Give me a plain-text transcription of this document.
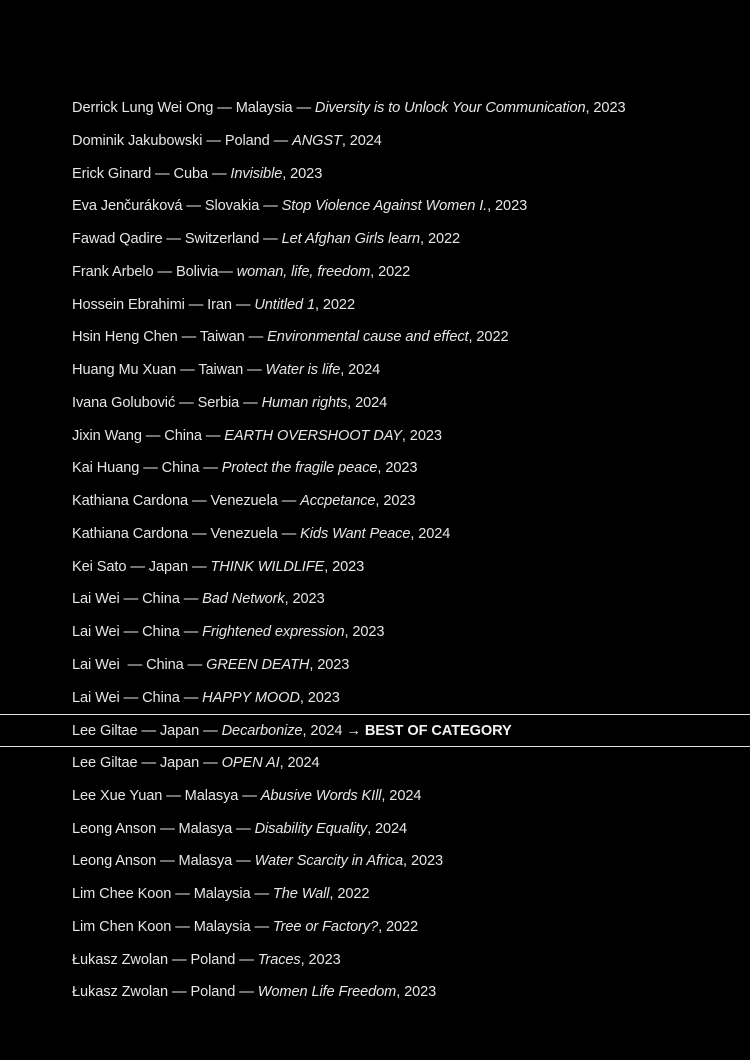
Derrick Lung Wei Ong — Malaysia — Diversity is to Unlock Your Communication, 2023
Dominik Jakubowski — Poland — ANGST, 2024
Erick Ginard — Cuba — Invisible, 2023
Eva Jenčuráková — Slovakia — Stop Violence Against Women I., 2023
Fawad Qadire — Switzerland — Let Afghan Girls learn, 2022
Frank Arbelo — Bolivia— woman, life, freedom, 2022
Hossein Ebrahimi — Iran — Untitled 1, 2022
Hsin Heng Chen — Taiwan — Environmental cause and effect, 2022
Huang Mu Xuan — Taiwan — Water is life, 2024
Ivana Golubović — Serbia — Human rights, 2024
Jixin Wang — China — EARTH OVERSHOOT DAY, 2023
Kai Huang — China — Protect the fragile peace, 2023
Kathiana Cardona — Venezuela — Accpetance, 2023
Kathiana Cardona — Venezuela — Kids Want Peace, 2024
Kei Sato — Japan — THINK WILDLIFE, 2023
Lai Wei — China — Bad Network, 2023
Lai Wei — China — Frightened expression, 2023
Lai Wei  — China — GREEN DEATH, 2023
Lai Wei — China — HAPPY MOOD, 2023
Lee Giltae — Japan — Decarbonize, 2024 → BEST OF CATEGORY
Lee Giltae — Japan — OPEN AI, 2024
Lee Xue Yuan — Malasya — Abusive Words KIll, 2024
Leong Anson — Malasya — Disability Equality, 2024
Leong Anson — Malasya — Water Scarcity in Africa, 2023
Lim Chee Koon — Malaysia — The Wall, 2022
Lim Chen Koon — Malaysia — Tree or Factory?, 2022
Łukasz Zwolan — Poland — Traces, 2023
Łukasz Zwolan — Poland — Women Life Freedom, 2023
